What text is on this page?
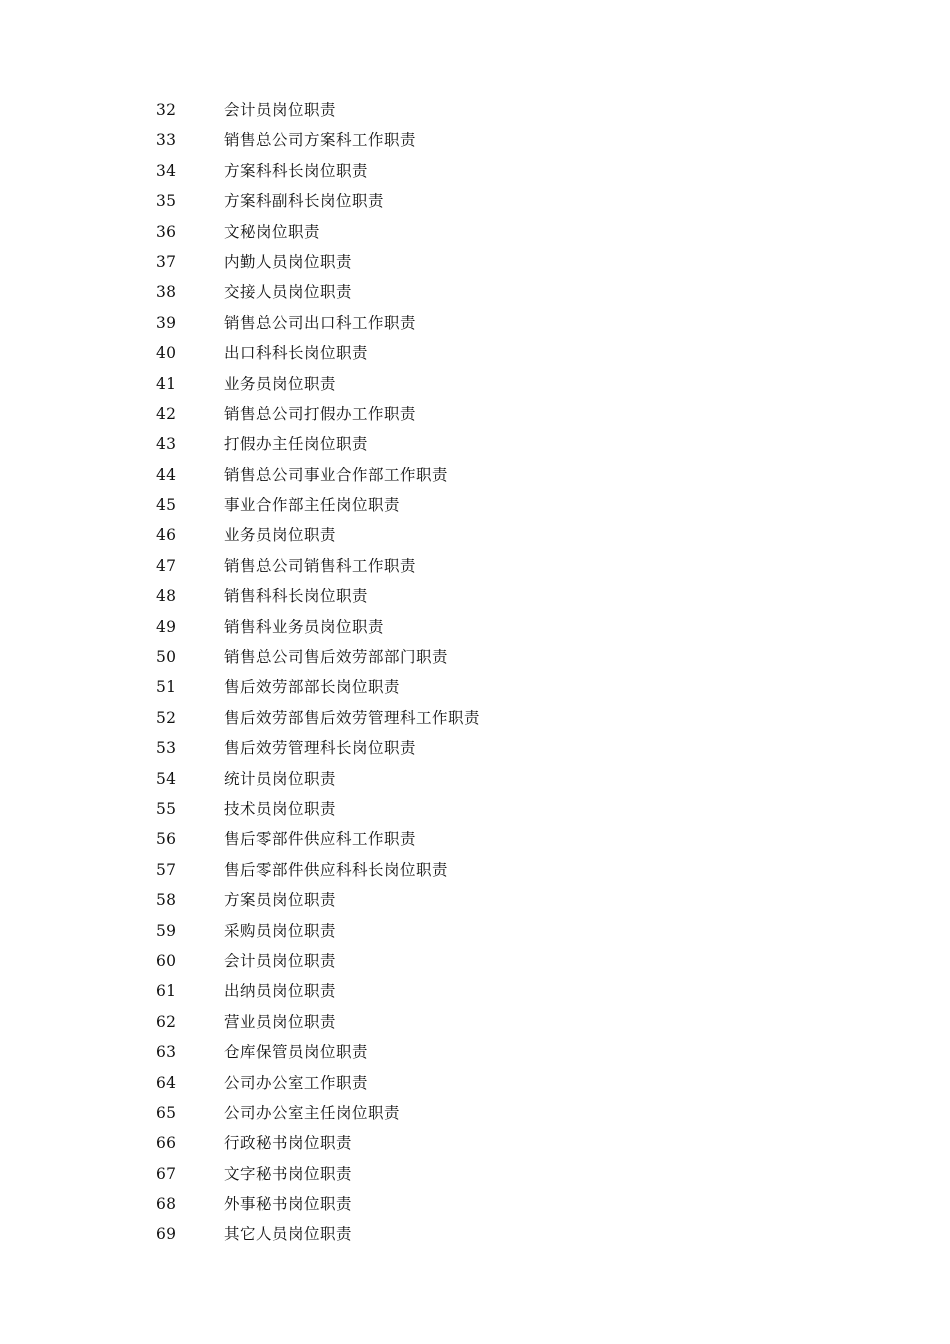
32	会计员岗位职责
33	销售总公司方案科工作职责
34	方案科科长岗位职责
35	方案科副科长岗位职责
36	文秘岗位职责
37	内勤人员岗位职责
38	交接人员岗位职责
39	销售总公司出口科工作职责
40	出口科科长岗位职责
41	业务员岗位职责
42	销售总公司打假办工作职责
43	打假办主任岗位职责
44	销售总公司事业合作部工作职责
45	事业合作部主任岗位职责
46	业务员岗位职责
47	销售总公司销售科工作职责
48	销售科科长岗位职责
49	销售科业务员岗位职责
50	销售总公司售后效劳部部门职责
51	售后效劳部部长岗位职责
52	售后效劳部售后效劳管理科工作职责
53	售后效劳管理科长岗位职责
54	统计员岗位职责
55	技术员岗位职责
56	售后零部件供应科工作职责
57	售后零部件供应科科长岗位职责
58	方案员岗位职责
59	采购员岗位职责
60	会计员岗位职责
61	出纳员岗位职责
62	营业员岗位职责
63	仓库保管员岗位职责
64	公司办公室工作职责
65	公司办公室主任岗位职责
66	行政秘书岗位职责
67	文字秘书岗位职责
68	外事秘书岗位职责
69	其它人员岗位职责
